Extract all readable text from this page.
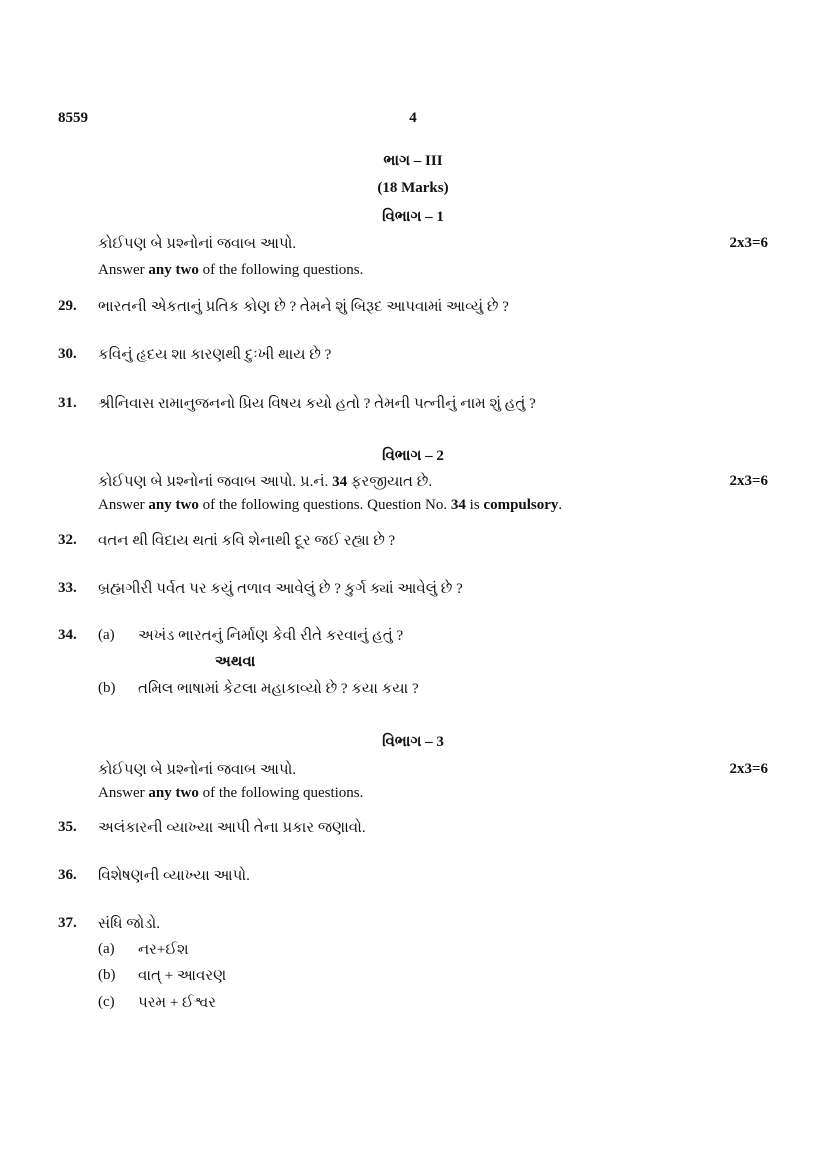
8559	4
ભાગ – III
(18 Marks)
વિભાગ – 1
કોઈપણ બે પ્રશ્નોનાં જવાબ આપો.	2x3=6
Answer any two of the following questions.
29. ભારતની એકતાનું પ્રતિક કોણ છે ? તેમને શું બિરૂદ આપવામાં આવ્યું છે ?
30. કવિનું હૃદય શા કારણથી દુઃખી થાય છે ?
31. શ્રીનિવાસ રામાનુજનનો પ્રિય વિષય કયો હતો ? તેમની પત્નીનું નામ શું હતું ?
વિભાગ – 2
કોઈપણ બે પ્રશ્નોનાં જવાબ આપો. પ્ર.નં. 34 ફરજીયાત છે.	2x3=6
Answer any two of the following questions. Question No. 34 is compulsory.
32. વતન થી વિદાય થતાં કવિ શેનાથી દૂર જઈ રહ્યા છે ?
33. બ્રહ્મગીરી પર્વત પર કયું તળાવ આવેલું છે ? કુર્ગ ક્યાં આવેલું છે ?
34. (a) અખંડ ભારતનું નિર્માણ કેવી રીતે કરવાનું હતું ?
અથવા
(b) તમિલ ભાષામાં કેટલા મહાકાવ્યો છે ? કયા કયા ?
વિભાગ – 3
કોઈપણ બે પ્રશ્નોનાં જવાબ આપો.	2x3=6
Answer any two of the following questions.
35. અલંકારની વ્યાખ્યા આપી તેના પ્રકાર જણાવો.
36. વિશેષણની વ્યાખ્યા આપો.
37. સંધિ જોડો.
(a) નર+ઈશ
(b) વાત્ + આવરણ
(c) પરમ + ઈશ્વર
